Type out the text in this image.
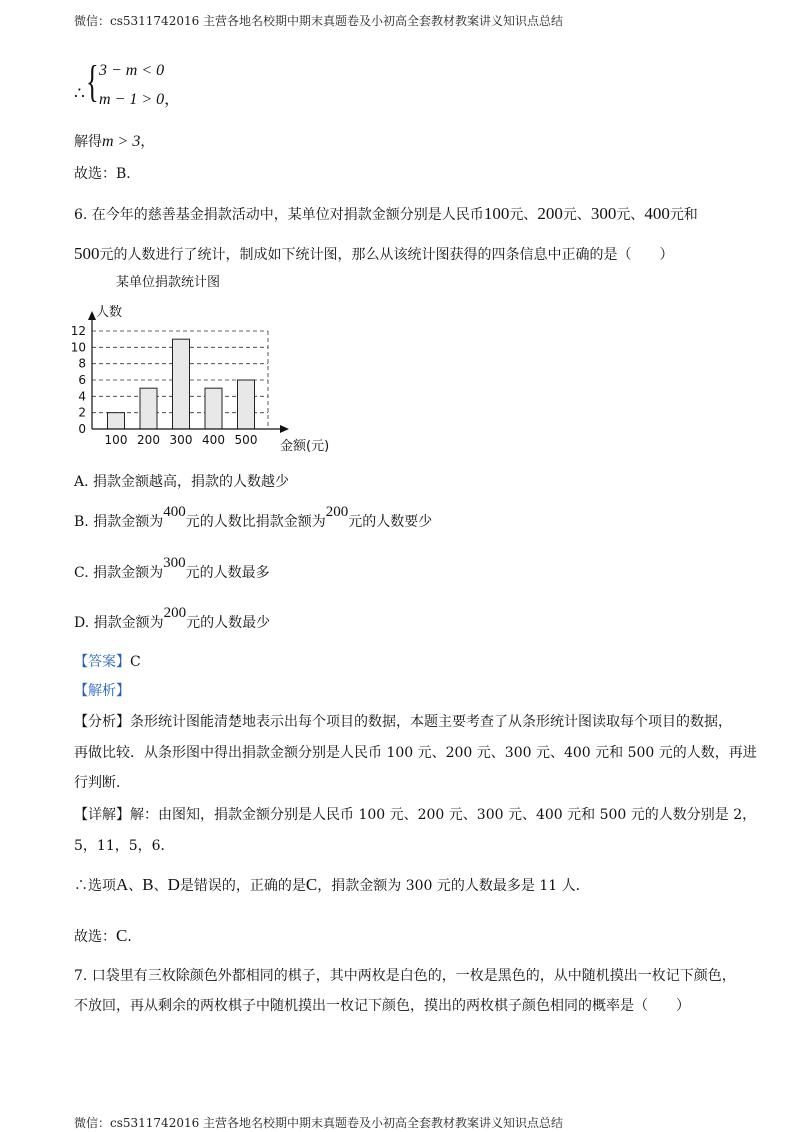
微信：cs5311742016 主营各地名校期中期末真题卷及小初高全套教材教案讲义知识点总结
∴ { 3 − m < 0
m − 1 > 0，
解得m > 3，
故选：B．
6. 在今年的慈善基金捐款活动中，某单位对捐款金额分别是人民币100元、200元、300元、400元和
500元的人数进行了统计，制成如下统计图，那么从该统计图获得的四条信息中正确的是（　　）
某单位捐款统计图
人数
金额(元)
0
2
4
6
8
10
12
100 200 300 400 500
A. 捐款金额越高，捐款的人数越少
B. 捐款金额为400元的人数比捐款金额为200元的人数要少
C. 捐款金额为300元的人数最多
D. 捐款金额为200元的人数最少
【答案】C
【解析】
【分析】条形统计图能清楚地表示出每个项目的数据，本题主要考查了从条形统计图读取每个项目的数据，
再做比较．从条形图中得出捐款金额分别是人民币 100 元、200 元、300 元、400 元和 500 元的人数，再进
行判断．
【详解】解：由图知，捐款金额分别是人民币 100 元、200 元、300 元、400 元和 500 元的人数分别是 2，
5，11，5，6．
∴选项A、B、D是错误的，正确的是C，捐款金额为 300 元的人数最多是 11 人．
故选：C．
7. 口袋里有三枚除颜色外都相同的棋子，其中两枚是白色的，一枚是黑色的，从中随机摸出一枚记下颜色，
不放回，再从剩余的两枚棋子中随机摸出一枚记下颜色，摸出的两枚棋子颜色相同的概率是（　　）
微信：cs5311742016 主营各地名校期中期末真题卷及小初高全套教材教案讲义知识点总结
